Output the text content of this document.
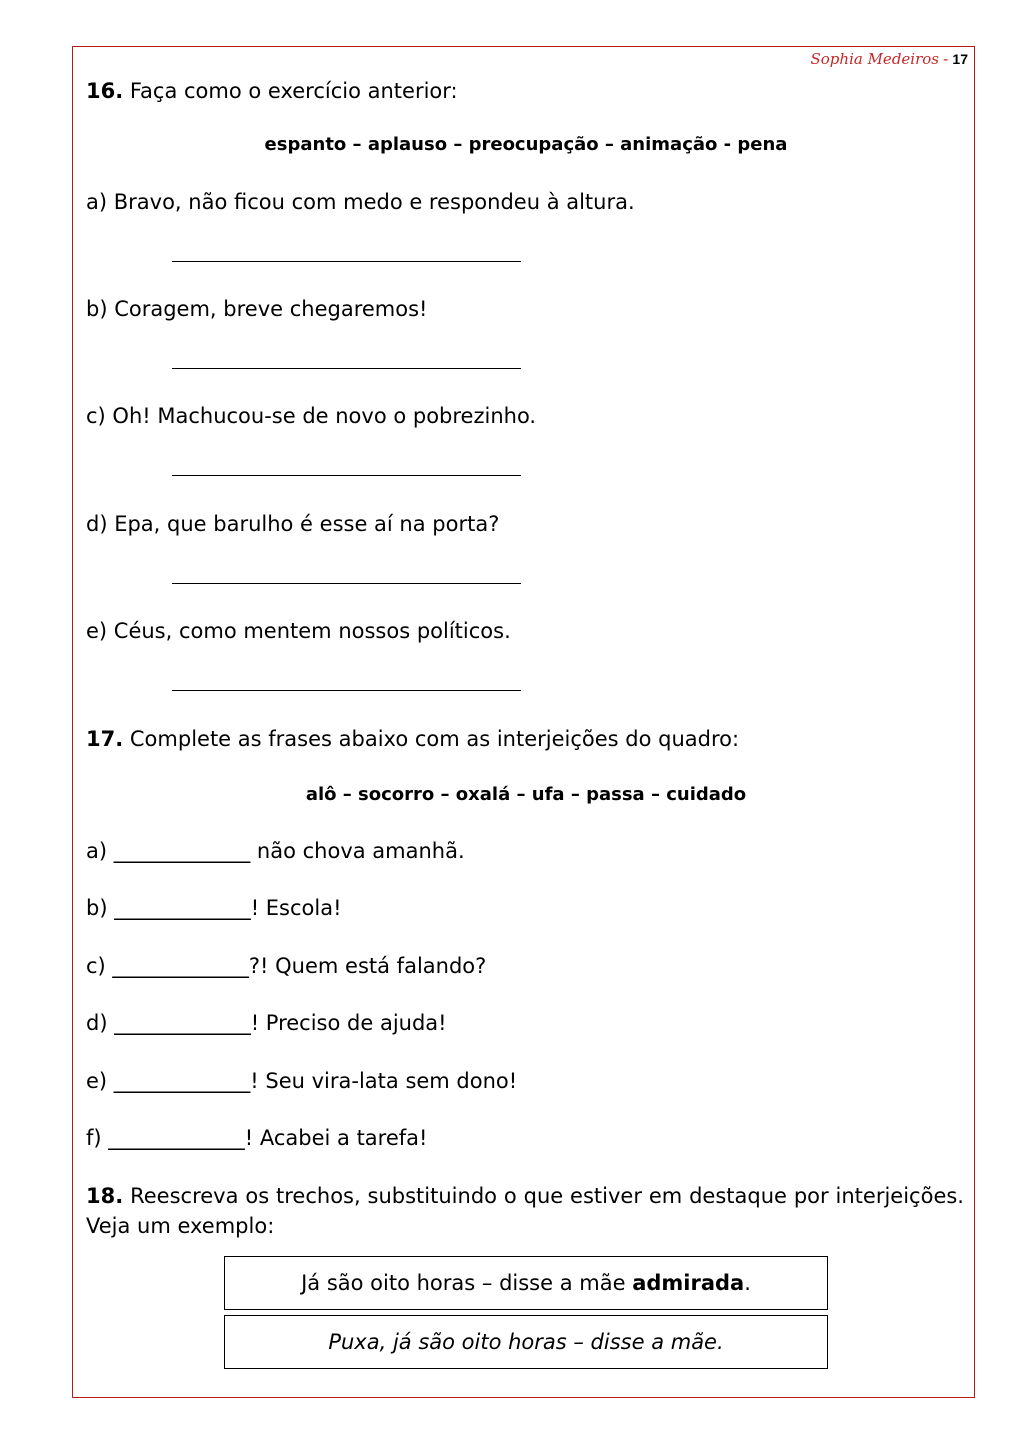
Sophia Medeiros - 17
16. Faça como o exercício anterior:
espanto – aplauso – preocupação – animação - pena
a) Bravo, não ficou com medo e respondeu à altura.
b) Coragem, breve chegaremos!
c) Oh! Machucou-se de novo o pobrezinho.
d) Epa, que barulho é esse aí na porta?
e) Céus, como mentem nossos políticos.
17. Complete as frases abaixo com as interjeições do quadro:
alô – socorro – oxalá – ufa – passa – cuidado
a) _____________ não chova amanhã.
b) _____________! Escola!
c) _____________?! Quem está falando?
d) _____________! Preciso de ajuda!
e) _____________! Seu vira-lata sem dono!
f) _____________! Acabei a tarefa!
18. Reescreva os trechos, substituindo o que estiver em destaque por interjeições. Veja um exemplo:
Já são oito horas – disse a mãe admirada .
Puxa, já são oito horas – disse a mãe.
